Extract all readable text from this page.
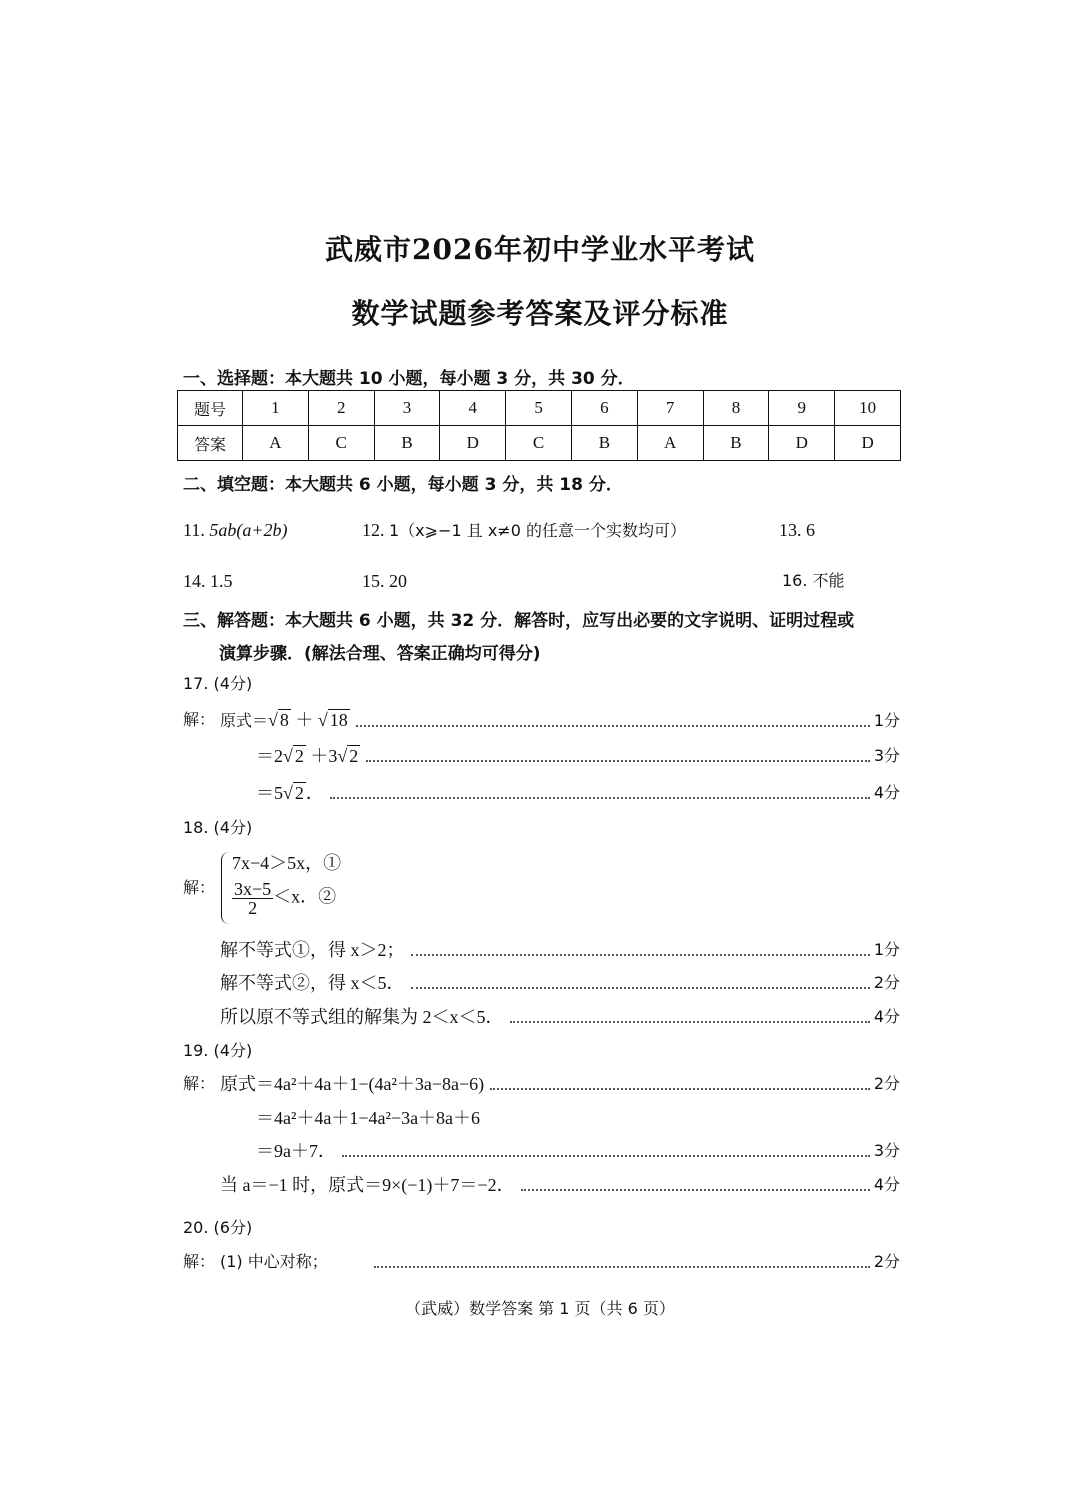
武威市2026年初中学业水平考试
数学试题参考答案及评分标准
一、选择题：本大题共 10 小题，每小题 3 分，共 30 分．
题号	1	2	3	4	5	6	7	8	9	10
答案	A	C	B	D	C	B	A	B	D	D
二、填空题：本大题共 6 小题，每小题 3 分，共 18 分．
11. 5ab(a+2b)	12. 1（x⩾−1 且 x≠0 的任意一个实数均可）	13. 6
14. 1.5	15. 20	16. 不能
三、解答题：本大题共 6 小题，共 32 分．解答时，应写出必要的文字说明、证明过程或
演算步骤．(解法合理、答案正确均可得分)
17. (4分)
解： 原式＝√ 8 ＋ √ 18	1分
＝2√ 2 ＋3√ 2	3分
＝5√ 2 ．	4分
18. (4分)
解：
7x−4＞5x，①
$\frac{3x-5}{2} <x$．②
解不等式①，得 x＞2；	1分
解不等式②，得 x＜5．	2分
所以原不等式组的解集为 2＜x＜5．	4分
19. (4分)
解： 原式＝4a²＋4a＋1−(4a²＋3a−8a−6)	2分
＝4a²＋4a＋1−4a²−3a＋8a＋6
＝9a＋7．	3分
当 a＝−1 时，原式＝9×(−1)＋7＝−2．	4分
20. (6分)
解： (1) 中心对称；	2分
（武威）数学答案 第 1 页（共 6 页）
